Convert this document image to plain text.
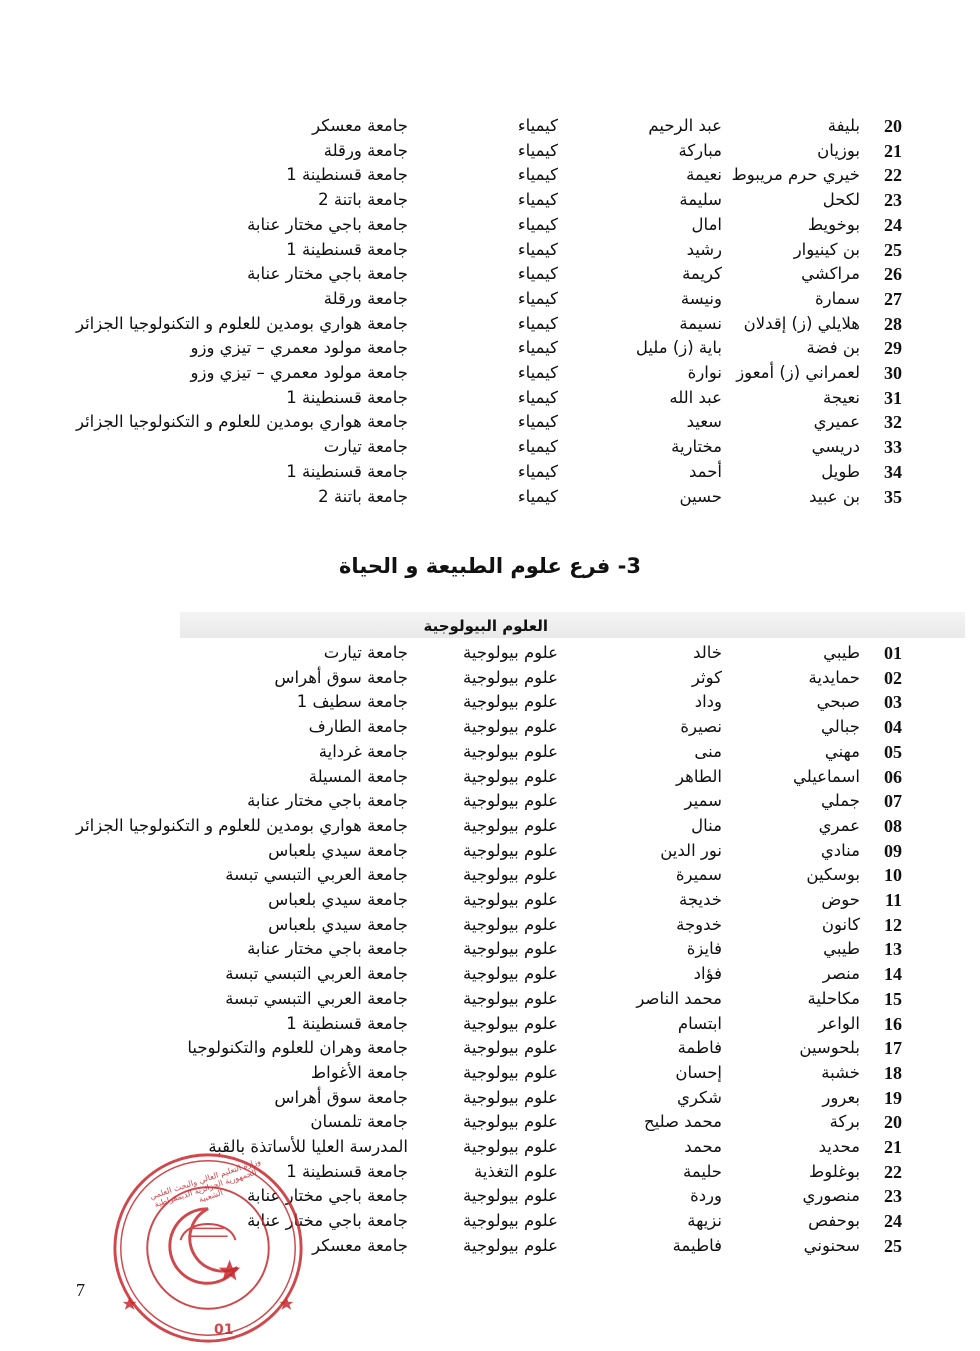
20
بليفة
عبد الرحيم
كيمياء
جامعة معسكر
21
بوزيان
مباركة
كيمياء
جامعة ورقلة
22
خيري حرم مريبوط
نعيمة
كيمياء
جامعة قسنطينة 1
23
لكحل
سليمة
كيمياء
جامعة باتنة 2
24
بوخويط
امال
كيمياء
جامعة باجي مختار عنابة
25
بن كينيوار
رشيد
كيمياء
جامعة قسنطينة 1
26
مراكشي
كريمة
كيمياء
جامعة باجي مختار عنابة
27
سمارة
ونيسة
كيمياء
جامعة ورقلة
28
هلايلي (ز) إقدلان
نسيمة
كيمياء
جامعة هواري بومدين للعلوم و التكنولوجيا الجزائر
29
بن فضة
باية (ز) مليل
كيمياء
جامعة مولود معمري – تيزي وزو
30
لعمراني (ز) أمعوز
نوارة
كيمياء
جامعة مولود معمري – تيزي وزو
31
نعيجة
عبد الله
كيمياء
جامعة قسنطينة 1
32
عميري
سعيد
كيمياء
جامعة هواري بومدين للعلوم و التكنولوجيا الجزائر
33
دريسي
مختارية
كيمياء
جامعة تيارت
34
طويل
أحمد
كيمياء
جامعة قسنطينة 1
35
بن عبيد
حسين
كيمياء
جامعة باتنة 2
3- فرع علوم الطبيعة و الحياة
العلوم البيولوجية
01
طيبي
خالد
علوم بيولوجية
جامعة تيارت
02
حمايدية
كوثر
علوم بيولوجية
جامعة سوق أهراس
03
صبحي
وداد
علوم بيولوجية
جامعة سطيف 1
04
جبالي
نصيرة
علوم بيولوجية
جامعة الطارف
05
مهني
منى
علوم بيولوجية
جامعة غرداية
06
اسماعيلي
الطاهر
علوم بيولوجية
جامعة المسيلة
07
جملي
سمير
علوم بيولوجية
جامعة باجي مختار عنابة
08
عمري
منال
علوم بيولوجية
جامعة هواري بومدين للعلوم و التكنولوجيا الجزائر
09
منادي
نور الدين
علوم بيولوجية
جامعة سيدي بلعباس
10
بوسكين
سميرة
علوم بيولوجية
جامعة العربي التبسي تبسة
11
حوض
خديجة
علوم بيولوجية
جامعة سيدي بلعباس
12
كانون
خدوجة
علوم بيولوجية
جامعة سيدي بلعباس
13
طيبي
فايزة
علوم بيولوجية
جامعة باجي مختار عنابة
14
منصر
فؤاد
علوم بيولوجية
جامعة العربي التبسي تبسة
15
مكاحلية
محمد الناصر
علوم بيولوجية
جامعة العربي التبسي تبسة
16
الواعر
ابتسام
علوم بيولوجية
جامعة قسنطينة 1
17
بلحوسين
فاطمة
علوم بيولوجية
جامعة وهران للعلوم والتكنولوجيا
18
خشبة
إحسان
علوم بيولوجية
جامعة الأغواط
19
بعرور
شكري
علوم بيولوجية
جامعة سوق أهراس
20
بركة
محمد صليح
علوم بيولوجية
جامعة تلمسان
21
محديد
محمد
علوم بيولوجية
المدرسة العليا للأساتذة بالقبة
22
بوغلوط
حليمة
علوم التغذية
جامعة قسنطينة 1
23
منصوري
وردة
علوم بيولوجية
جامعة باجي مختار عنابة
24
بوحفص
نزيهة
علوم بيولوجية
جامعة باجي مختار عنابة
25
سحنوني
فاطيمة
علوم بيولوجية
جامعة معسكر
وزارة التعليم العالي والبحث العلمي - الجمهورية الجزائرية الديمقراطية الشعبية
01
7
